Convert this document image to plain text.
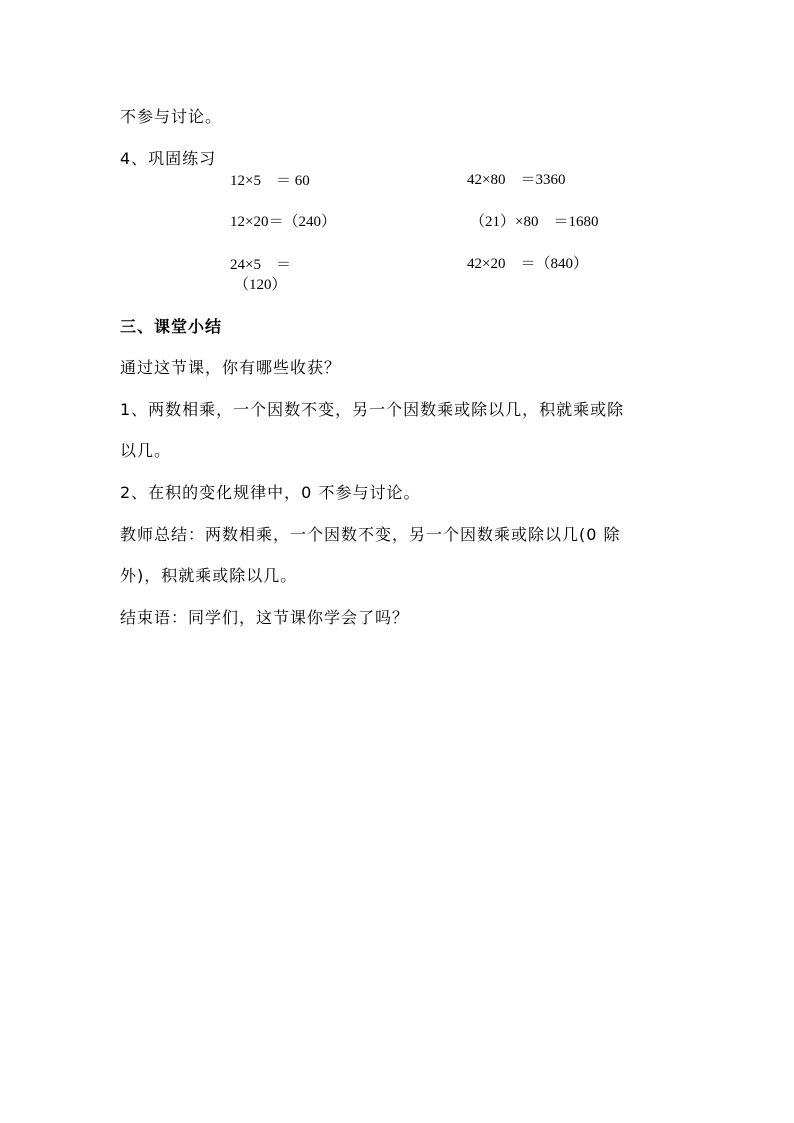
不参与讨论。
4、巩固练习
12×5　＝ 60
12×20＝（240）
24×5　＝
（120）
42×80　＝3360
（21）×80　＝1680
42×20　＝（840）
三、课堂小结
通过这节课，你有哪些收获？
1、两数相乘，一个因数不变，另一个因数乘或除以几，积就乘或除
以几。
2、在积的变化规律中，0 不参与讨论。
教师总结：两数相乘，一个因数不变，另一个因数乘或除以几(0 除
外)，积就乘或除以几。
结束语：同学们，这节课你学会了吗？
